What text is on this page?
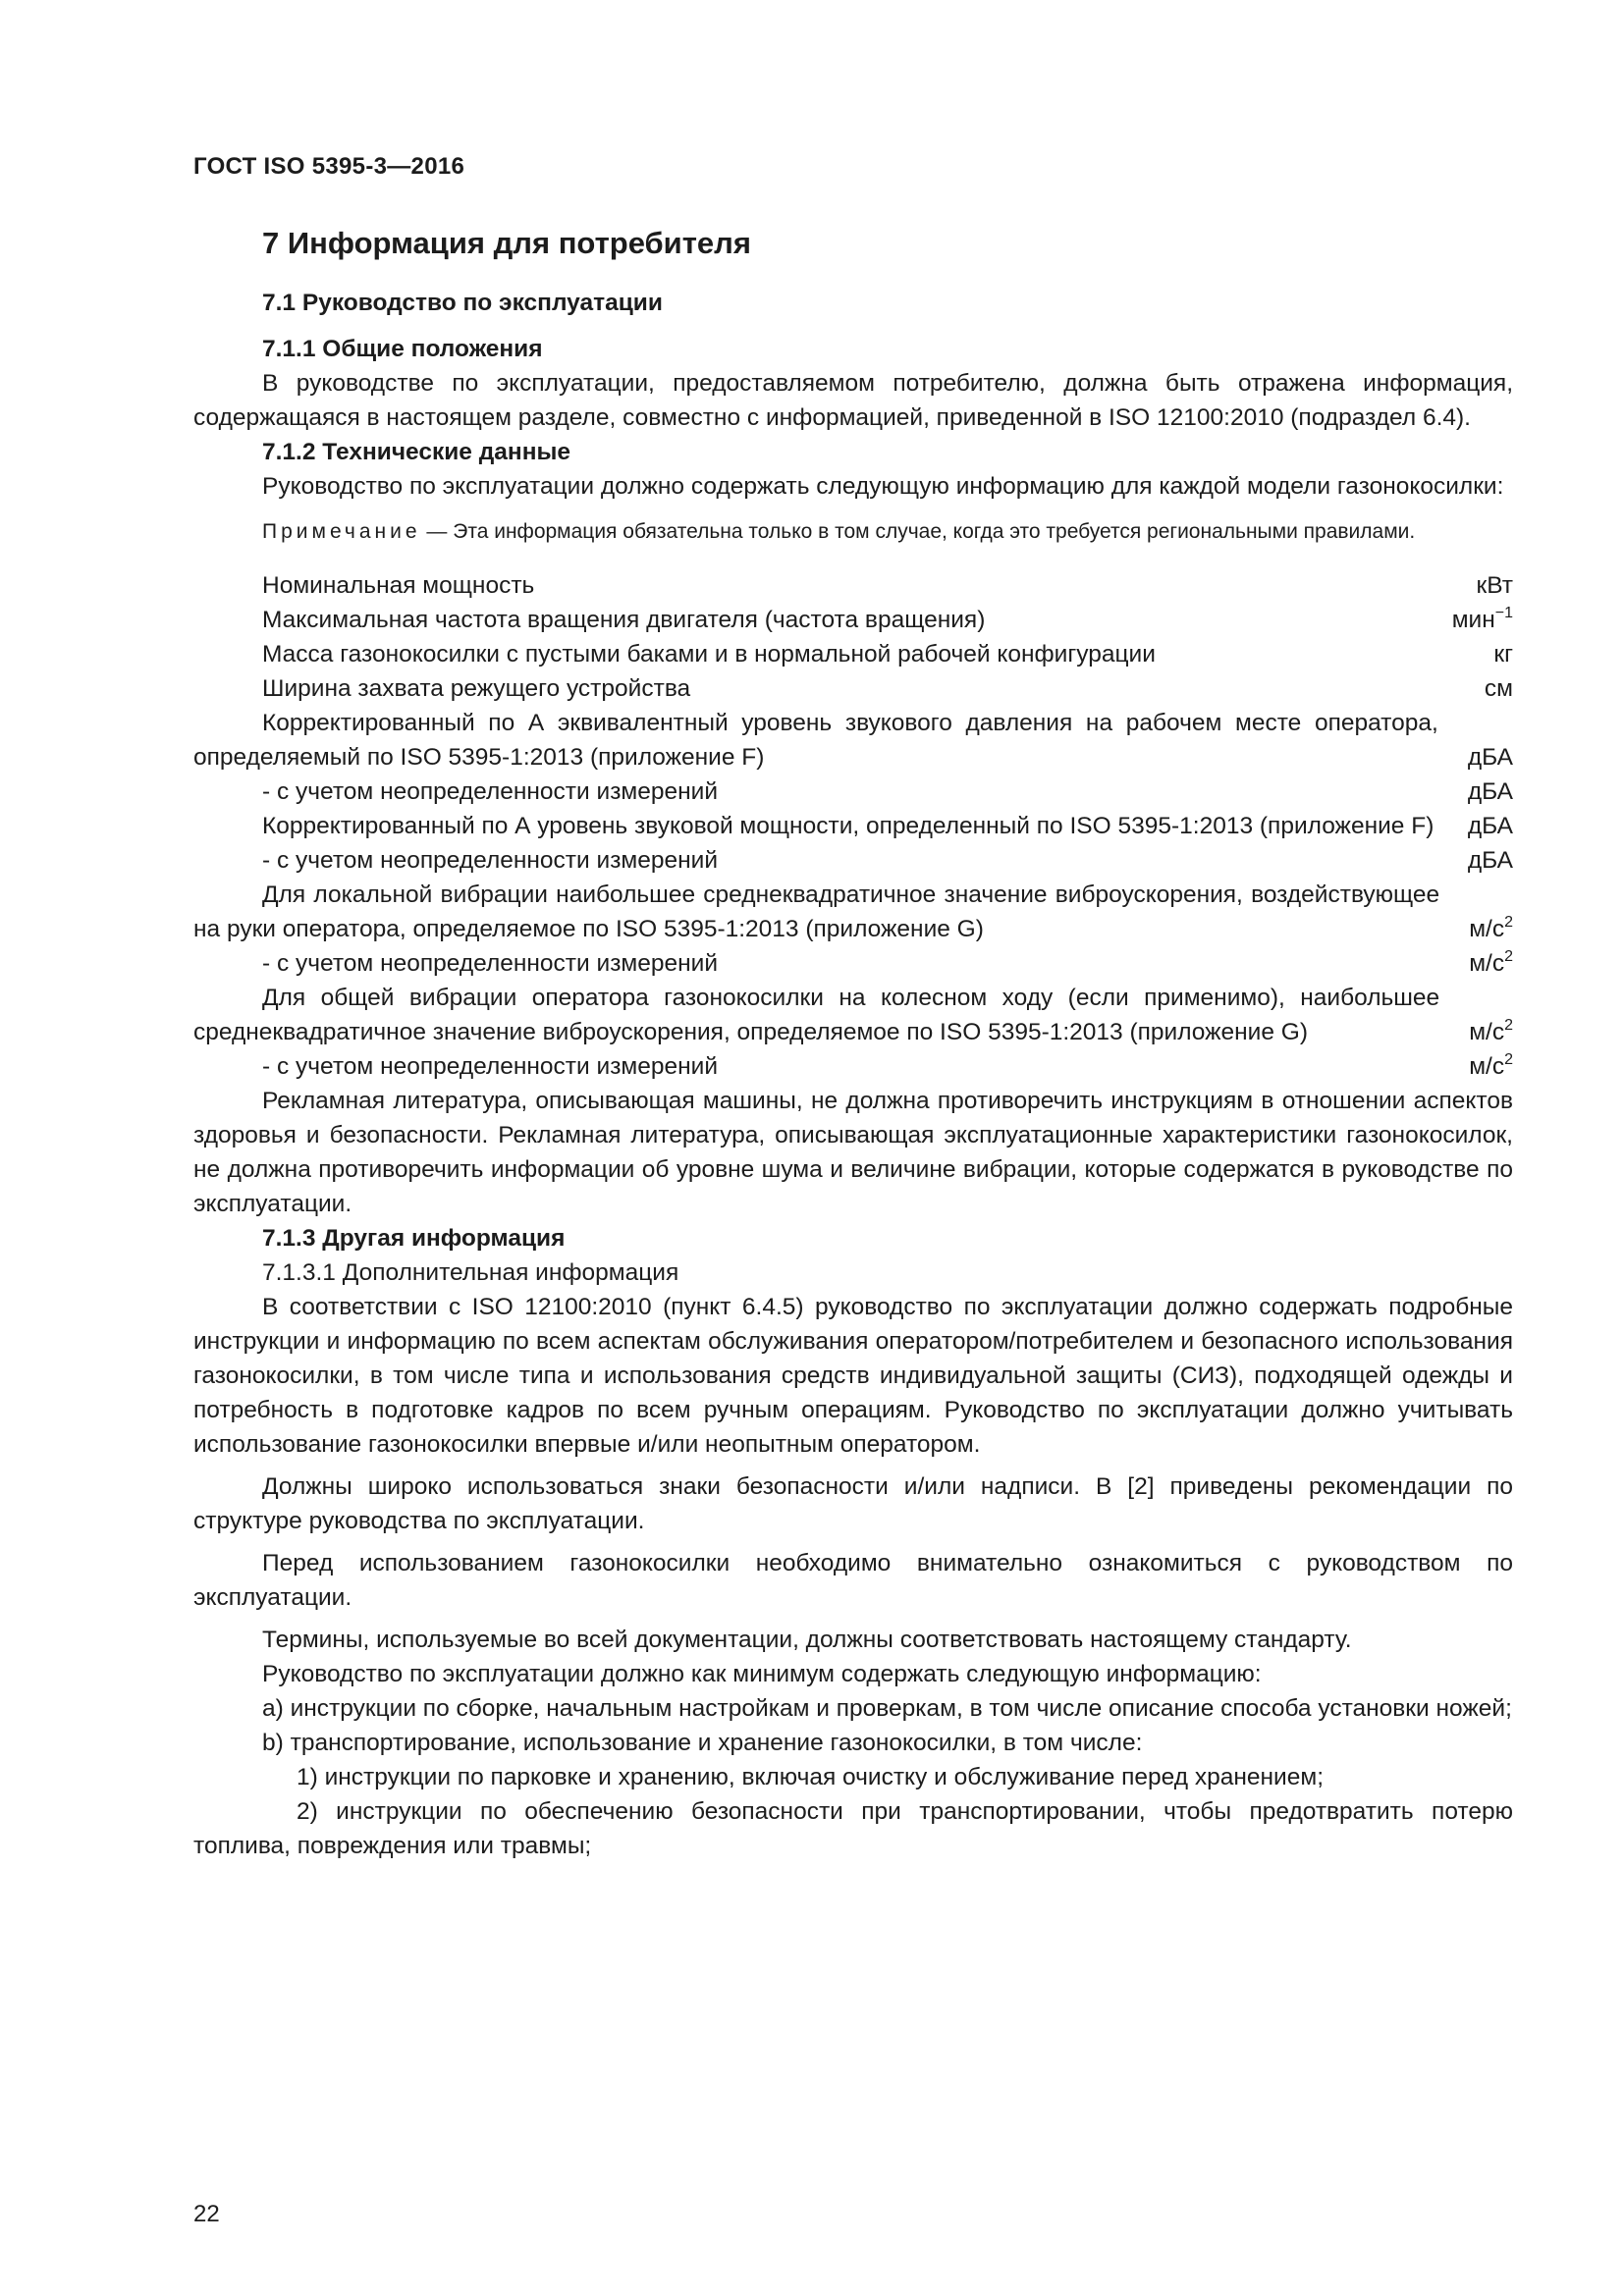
ГОСТ ISO 5395-3—2016
7 Информация для потребителя
7.1 Руководство по эксплуатации
7.1.1 Общие положения

В руководстве по эксплуатации, предоставляемом потребителю, должна быть отражена информация, содержащаяся в настоящем разделе, совместно с информацией, приведенной в ISO 12100:2010 (подраздел 6.4).

7.1.2 Технические данные

Руководство по эксплуатации должно содержать следующую информацию для каждой модели газонокосилки:

Примечание — Эта информация обязательна только в том случае, когда это требуется региональными правилами.
Номинальная мощность	кВт
Максимальная частота вращения двигателя (частота вращения)	мин$^{-1}$
Масса газонокосилки с пустыми баками и в нормальной рабочей конфигурации	кг
Ширина захвата режущего устройства	см
Корректированный по А эквивалентный уровень звукового давления на рабочем месте оператора, определяемый по ISO 5395-1:2013 (приложение F)	дБА
- с учетом неопределенности измерений	дБА
Корректированный по А уровень звуковой мощности, определенный по ISO 5395-1:2013 (приложение F)	дБА
- с учетом неопределенности измерений	дБА
Для локальной вибрации наибольшее среднеквадратичное значение виброускорения, воздействующее на руки оператора, определяемое по ISO 5395-1:2013 (приложение G)	$м/с^2$
- с учетом неопределенности измерений	$м/с^2$
Для общей вибрации оператора газонокосилки на колесном ходу (если применимо), наибольшее среднеквадратичное значение виброускорения, определяемое по ISO 5395-1:2013 (приложение G)	$м/с^2$
- с учетом неопределенности измерений	$м/с^2$

Рекламная литература, описывающая машины, не должна противоречить инструкциям в отношении аспектов здоровья и безопасности. Рекламная литература, описывающая эксплуатационные характеристики газонокосилок, не должна противоречить информации об уровне шума и величине вибрации, которые содержатся в руководстве по эксплуатации.

7.1.3 Другая информация
7.1.3.1 Дополнительная информация

В соответствии с ISO 12100:2010 (пункт 6.4.5) руководство по эксплуатации должно содержать подробные инструкции и информацию по всем аспектам обслуживания оператором/потребителем и безопасного использования газонокосилки, в том числе типа и использования средств индивидуальной защиты (СИЗ), подходящей одежды и потребность в подготовке кадров по всем ручным операциям. Руководство по эксплуатации должно учитывать использование газонокосилки впервые и/или неопытным оператором.

Должны широко использоваться знаки безопасности и/или надписи. В [2] приведены рекомендации по структуре руководства по эксплуатации.

Перед использованием газонокосилки необходимо внимательно ознакомиться с руководством по эксплуатации.

Термины, используемые во всей документации, должны соответствовать настоящему стандарту.

Руководство по эксплуатации должно как минимум содержать следующую информацию:

а) инструкции по сборке, начальным настройкам и проверкам, в том числе описание способа установки ножей;
b) транспортирование, использование и хранение газонокосилки, в том числе:
1) инструкции по парковке и хранению, включая очистку и обслуживание перед хранением;
2) инструкции по обеспечению безопасности при транспортировании, чтобы предотвратить потерю топлива, повреждения или травмы;
22
